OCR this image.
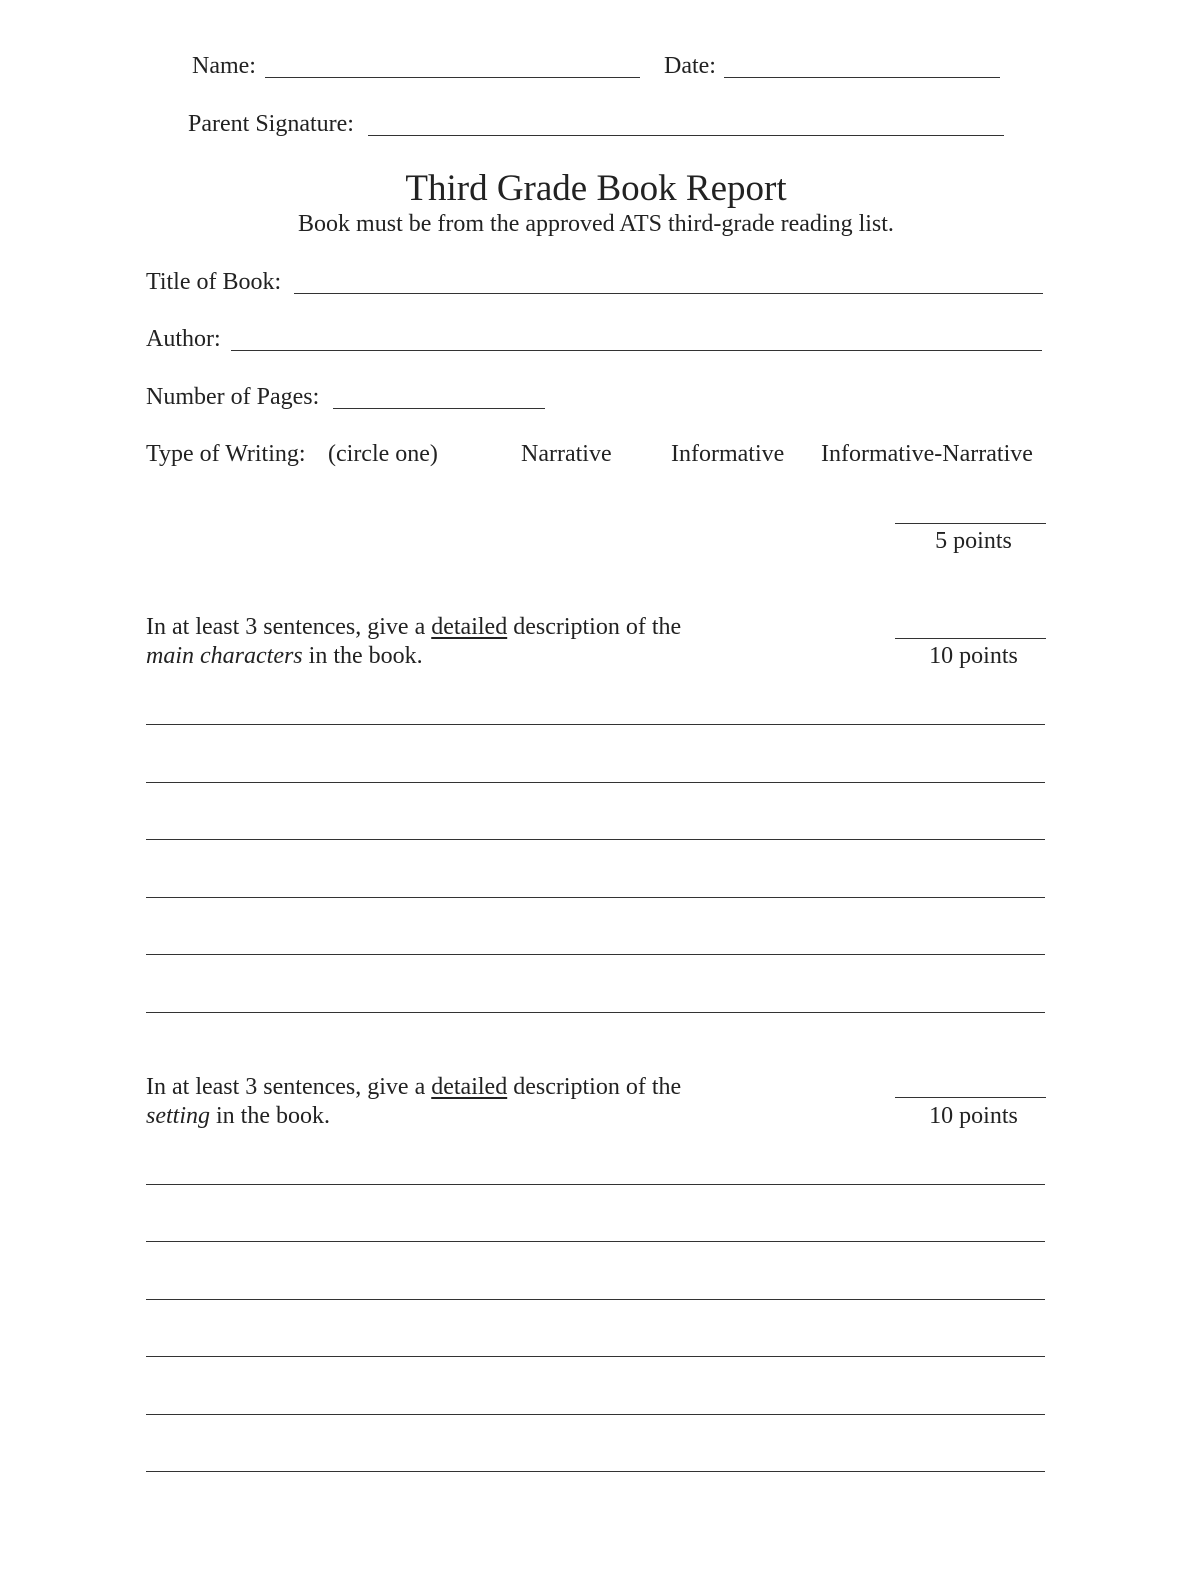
Name:	Date:
Parent Signature:
Third Grade Book Report
Book must be from the approved ATS third-grade reading list.
Title of Book:
Author:
Number of Pages:
Type of Writing: (circle one)	Narrative Informative Informative-Narrative
5 points
In at least 3 sentences, give a detailed description of the
main characters in the book.	10 points
In at least 3 sentences, give a detailed description of the
setting in the book.	10 points
